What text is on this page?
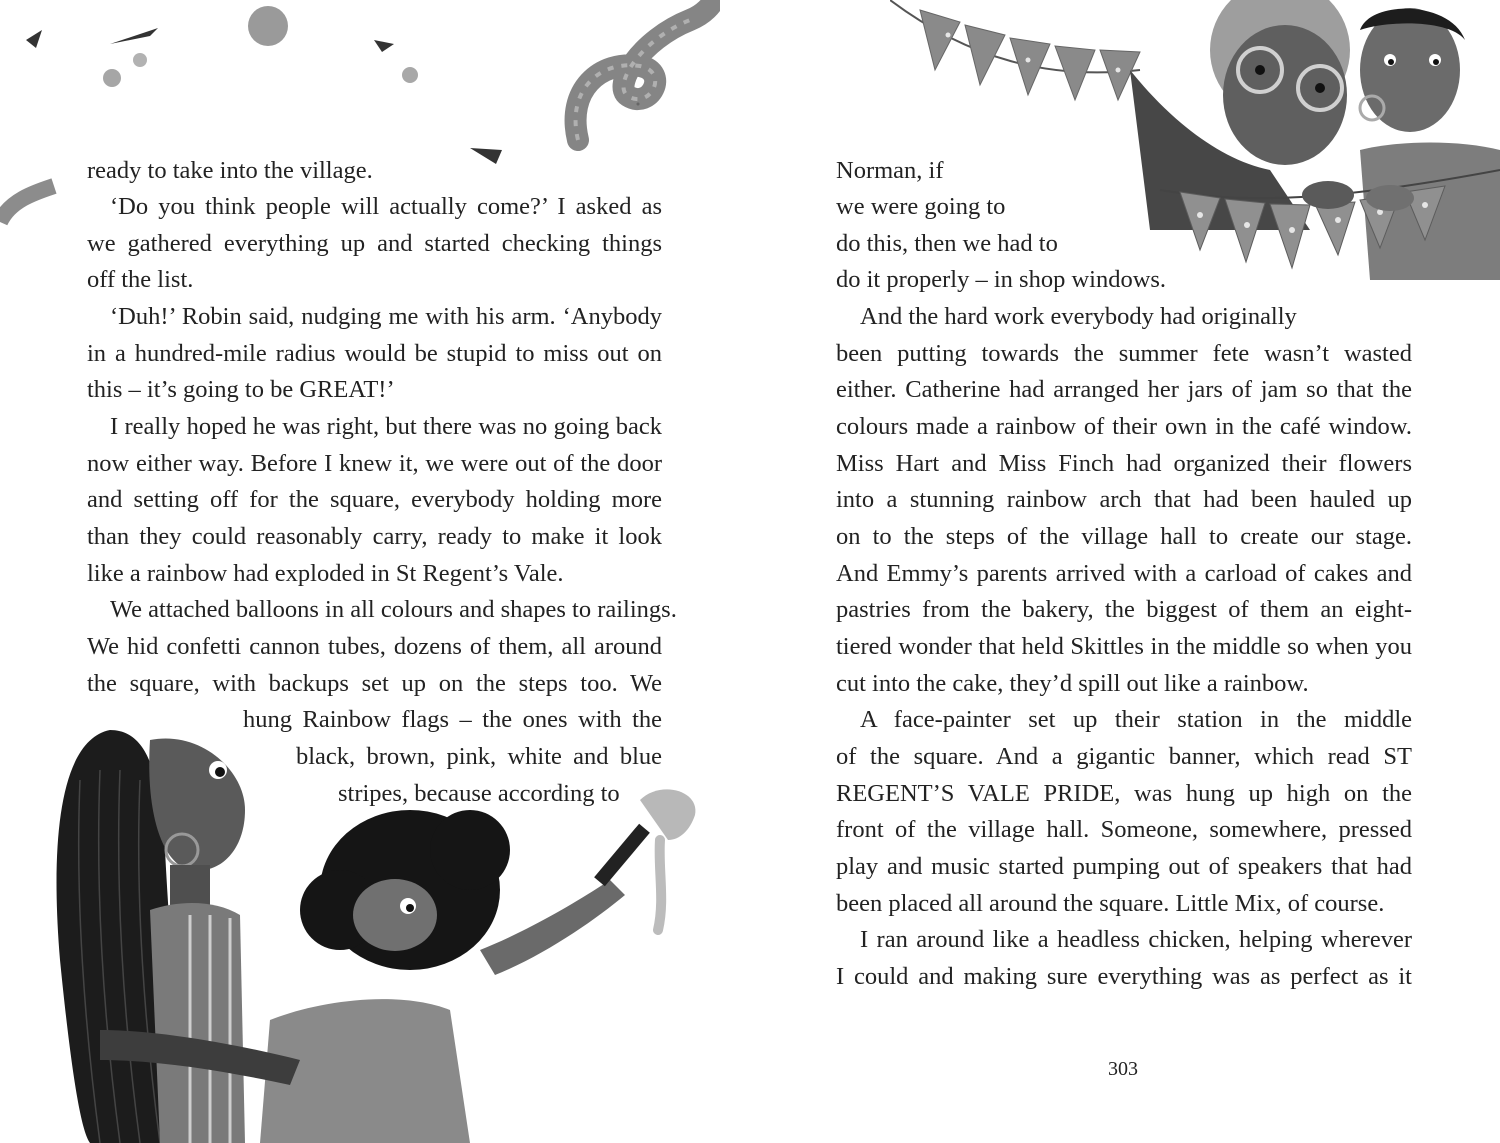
ready to take into the village.
‘Do you think people will actually come?’ I asked as
we gathered everything up and started checking things
off the list.
‘Duh!’ Robin said, nudging me with his arm. ‘Anybody
in a hundred-mile radius would be stupid to miss out on
this – it’s going to be GREAT!’
I really hoped he was right, but there was no going back
now either way. Before I knew it, we were out of the door
and setting off for the square, everybody holding more
than they could reasonably carry, ready to make it look
like a rainbow had exploded in St Regent’s Vale.
We attached balloons in all colours and shapes to railings.
We hid confetti cannon tubes, dozens of them, all around
the square, with backups set up on the steps too. We
hung Rainbow flags – the ones with the
black, brown, pink, white and blue
stripes, because according to
Norman, if
we were going to
do this, then we had to
do it properly – in shop windows.
And the hard work everybody had originally
been putting towards the summer fete wasn’t wasted
either. Catherine had arranged her jars of jam so that the
colours made a rainbow of their own in the café window.
Miss Hart and Miss Finch had organized their flowers
into a stunning rainbow arch that had been hauled up
on to the steps of the village hall to create our stage.
And Emmy’s parents arrived with a carload of cakes and
pastries from the bakery, the biggest of them an eight-
tiered wonder that held Skittles in the middle so when you
cut into the cake, they’d spill out like a rainbow.
A face-painter set up their station in the middle
of the square. And a gigantic banner, which read ST
REGENT’S VALE PRIDE, was hung up high on the
front of the village hall. Someone, somewhere, pressed
play and music started pumping out of speakers that had
been placed all around the square. Little Mix, of course.
I ran around like a headless chicken, helping wherever
I could and making sure everything was as perfect as it
303
